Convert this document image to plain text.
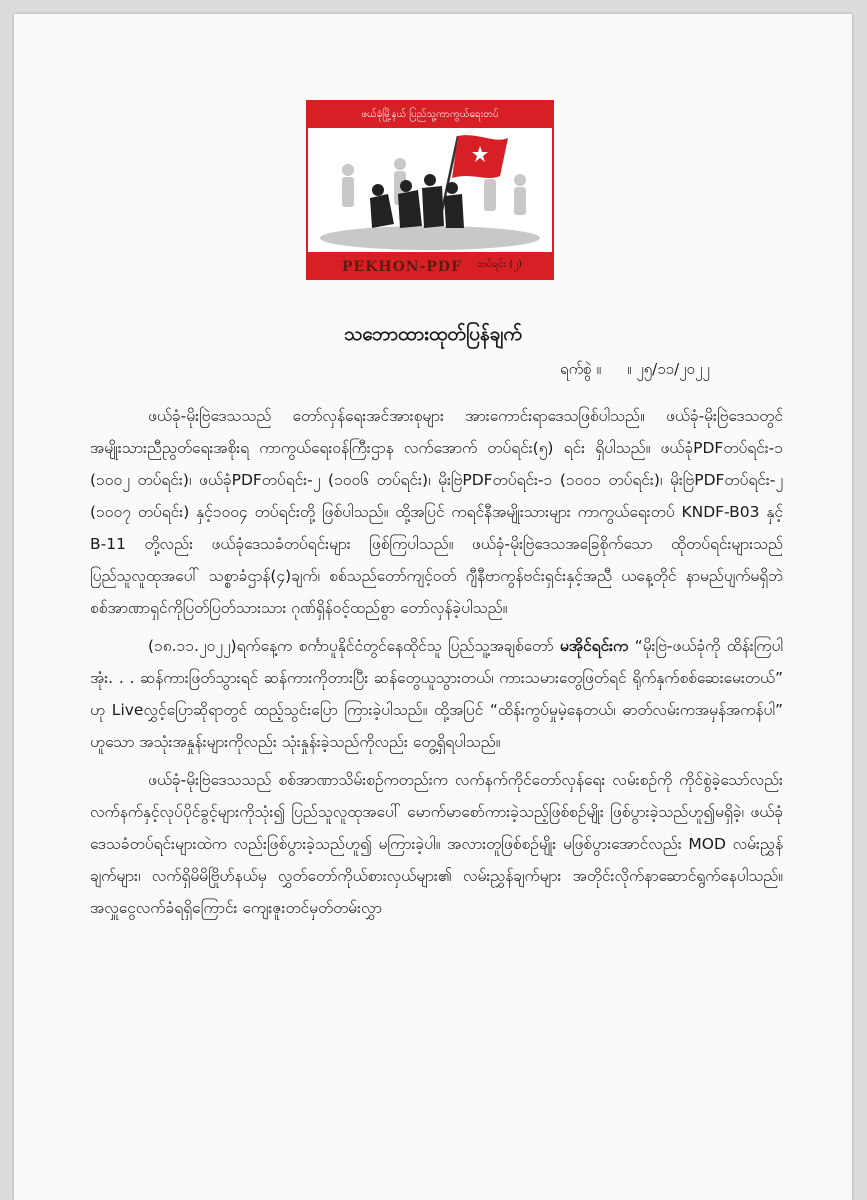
ဖယ်ခုံမြို့နယ် ပြည်သူ့ကာကွယ်ရေးတပ်
PEKHON-PDF တပ်ရင်း (၂)
သဘောထားထုတ်ပြန်ချက်
ရက်စွဲ ။ ။ ၂၅/၁၁/၂၀၂၂

ဖယ်ခုံ-မိုးဗြဲဒေသသည် တော်လှန်ရေးအင်အားစုများ အားကောင်းရာဒေသဖြစ်ပါသည်။ ဖယ်ခုံ-မိုးဗြဲဒေသတွင် အမျိုးသားညီညွတ်ရေးအစိုးရ ကာကွယ်ရေးဝန်ကြီးဌာန လက်အောက် တပ်ရင်း(၅) ရင်း ရှိပါသည်။ ဖယ်ခုံPDFတပ်ရင်း-၁ (၁၀၀၂ တပ်ရင်း)၊ ဖယ်ခုံPDFတပ်ရင်း-၂ (၁၀၀၆ တပ်ရင်း)၊ မိုးဗြဲPDFတပ်ရင်း-၁ (၁၀၀၁ တပ်ရင်း)၊ မိုးဗြဲPDFတပ်ရင်း-၂ (၁၀၀၇ တပ်ရင်း) နှင့်၁၀၀၄ တပ်ရင်းတို့ ဖြစ်ပါသည်။ ထို့အပြင် ကရင်နီအမျိုးသားများ ကာကွယ်ရေးတပ် KNDF-B03 နှင့် B-11 တို့လည်း ဖယ်ခုံဒေသခံတပ်ရင်းများ ဖြစ်ကြပါသည်။ ဖယ်ခုံ-မိုးဗြဲဒေသအခြေစိုက်သော ထိုတပ်ရင်းများသည် ပြည်သူလူထုအပေါ် သစ္စာခံဌာန်(၄)ချက်၊ စစ်သည်တော်ကျင့်ဝတ် ဂျီနီဗာကွန်ဗင်းရှင်းနှင့်အညီ ယနေ့တိုင် နာမည်ပျက်မရှိဘဲ စစ်အာဏာရှင်ကိုပြတ်ပြတ်သားသား ဂုဏ်ရှိန်ဝင့်ထည်စွာ တော်လှန်ခဲ့ပါသည်။

(၁၈.၁၁.၂၀၂၂)ရက်နေ့က စင်္ကာပူနိုင်ငံတွင်နေထိုင်သူ ပြည်သူ့အချစ်တော် မအိုင်ရင်းက “မိုးဗြဲ-ဖယ်ခုံကို ထိန်းကြပါအုံး. . . ဆန်ကားဖြတ်သွားရင် ဆန်ကားကိုတားပြီး ဆန်တွေယူသွားတယ်၊ ကားသမားတွေဖြတ်ရင် ရိုက်နှက်စစ်ဆေးမေးတယ်” ဟု Liveလွှင့်ပြောဆိုရာတွင် ထည့်သွင်းပြော ကြားခဲ့ပါသည်။ ထို့အပြင် “ထိန်းကွပ်မှုမဲ့နေတယ်၊ ဓာတ်လမ်းကအမှန်အကန်ပါ” ဟူသော အသုံးအနှုန်းများကိုလည်း သုံးနှုန်းခဲ့သည်ကိုလည်း တွေ့ရှိရပါသည်။

ဖယ်ခုံ-မိုးဗြဲဒေသသည် စစ်အာဏာသိမ်းစဉ်ကတည်းက လက်နက်ကိုင်တော်လှန်ရေး လမ်းစဉ်ကို ကိုင်စွဲခဲ့သော်လည်း လက်နက်နှင့်လုပ်ပိုင်ခွင့်များကိုသုံး၍ ပြည်သူလူထုအပေါ် မောက်မာစော်ကားခဲ့သည့်ဖြစ်စဉ်မျိုး ဖြစ်ပွားခဲ့သည်ဟူ၍မရှိခဲ့၊ ဖယ်ခုံဒေသခံတပ်ရင်းများထဲက လည်းဖြစ်ပွားခဲ့သည်ဟူ၍ မကြားခဲ့ပါ။ အလားတူဖြစ်စဉ်မျိုး မဖြစ်ပွားအောင်လည်း MOD လမ်းညွှန်ချက်များ၊ လက်ရှိမိမိဗြိုဟ်နယ်မှ လွှတ်တော်ကိုယ်စားလှယ်များ၏ လမ်းညွှန်ချက်များ အတိုင်းလိုက်နာဆောင်ရွက်နေပါသည်။ အလှူငွေလက်ခံရရှိကြောင်း ကျေးဇူးတင်မှတ်တမ်းလွှာ
